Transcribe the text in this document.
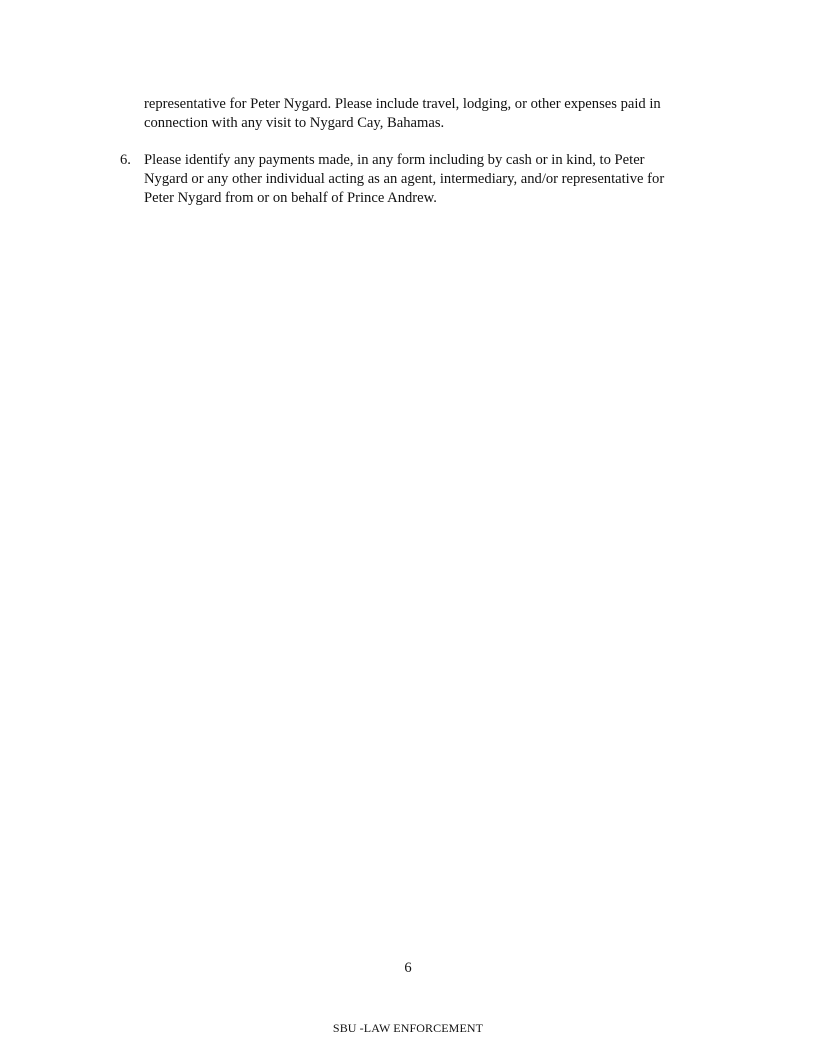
representative for Peter Nygard. Please include travel, lodging, or other expenses paid in
connection with any visit to Nygard Cay, Bahamas.

6. Please identify any payments made, in any form including by cash or in kind, to Peter
Nygard or any other individual acting as an agent, intermediary, and/or representative for
Peter Nygard from or on behalf of Prince Andrew.
6
SBU -LAW ENFORCEMENT
